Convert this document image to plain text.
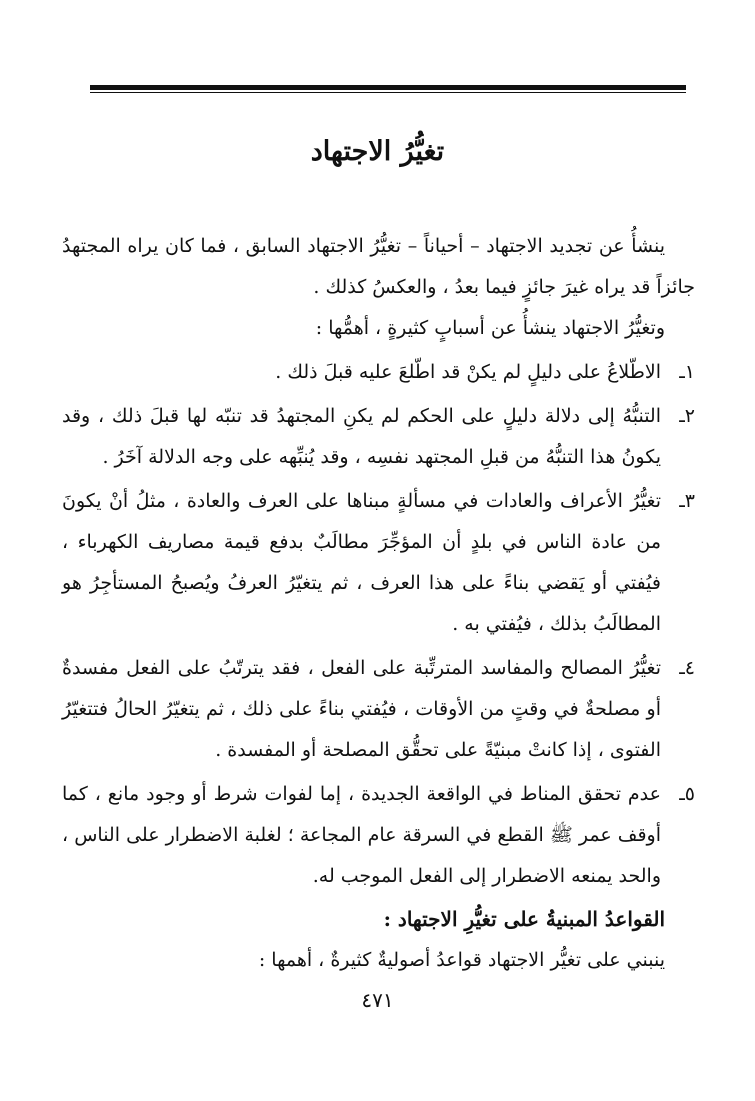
تغيُّرُ الاجتهاد

ينشأُ عن تجديد الاجتهاد – أحياناً – تغيُّرُ الاجتهاد السابق ، فما كان يراه المجتهدُ جائزاً قد يراه غيرَ جائزٍ فيما بعدُ ، والعكسُ كذلك .

وتغيُّرُ الاجتهاد ينشأُ عن أسبابٍ كثيرةٍ ، أهمُّها :

١ـ
الاطّلاعُ على دليلٍ لم يكنْ قد اطّلعَ عليه قبلَ ذلك .
٢ـ
التنبُّهُ إلى دلالة دليلٍ على الحكم لم يكنِ المجتهدُ قد تنبّه لها قبلَ ذلك ، وقد يكونُ هذا التنبُّهُ من قبلِ المجتهد نفسِه ، وقد يُنبِّهه على وجه الدلالة آخَرُ .
٣ـ
تغيُّرُ الأعراف والعادات في مسألةٍ مبناها على العرف والعادة ، مثلُ أنْ يكونَ من عادة الناس في بلدٍ أن المؤجِّرَ مطالَبٌ بدفع قيمة مصاريف الكهرباء ، فيُفتي أو يَقضي بناءً على هذا العرف ، ثم يتغيّرُ العرفُ ويُصبحُ المستأجِرُ هو المطالَبُ بذلك ، فيُفتي به .
٤ـ
تغيُّرُ المصالح والمفاسد المترتِّبة على الفعل ، فقد يترتّبُ على الفعل مفسدةٌ أو مصلحةٌ في وقتٍ من الأوقات ، فيُفتي بناءً على ذلك ، ثم يتغيّرُ الحالُ فتتغيّرُ الفتوى ، إذا كانتْ مبنيّةً على تحقُّق المصلحة أو المفسدة .
٥ـ
عدم تحقق المناط في الواقعة الجديدة ، إما لفوات شرط أو وجود مانع ، كما أوقف عمر ﷺ القطع في السرقة عام المجاعة ؛ لغلبة الاضطرار على الناس ، والحد يمنعه الاضطرار إلى الفعل الموجب له.

القواعدُ المبنيةُ على تغيُّرِ الاجتهاد :

ينبني على تغيُّر الاجتهاد قواعدُ أصوليةٌ كثيرةٌ ، أهمها :

٤٧١
